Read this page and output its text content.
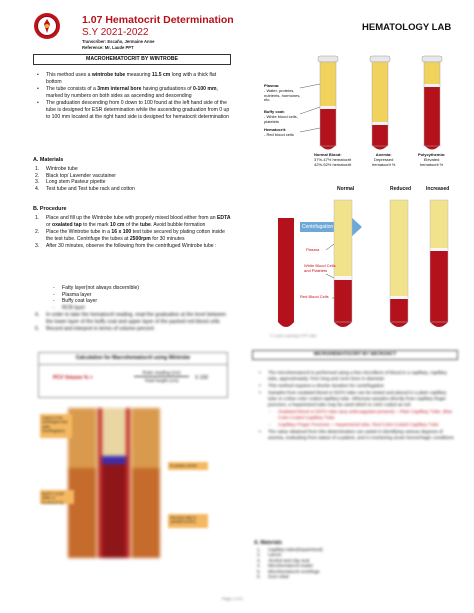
1.07 Hematocrit Determination
S.Y 2021-2022
Transcriber: Escaño, Jermaine Anne
Reference: Mr. Laude PPT
HEMATOLOGY LAB
MACROHEMATOCRIT BY WINTROBE
• This method uses a wintrobe tube measuring 11.5 cm long with a thick flat bottom
• The tube consists of a 3mm internal bore having graduations of 0-100 mm, marked by numbers on both sides as ascending and descending
• The graduation descending from 0 down to 100 found at the left hand side of the tube is designed for ESR determination while the ascending graduation from 0 up to 100 mm located at the right hand side is designed for hematocrit determination
A. Materials
1. Wintrobe tube
2. Black top/ Lavender vacutainer
3. Long stem Pasteur pipette
4. Test tube and Test tube rack and cotton
B. Procedure
1. Place and fill up the Wintrobe tube with properly mixed blood either from an EDTA or oxalated tap to the mark 10 cm of the tube. Avoid bubble formation
2. Place the Wintrobe tube in a 16 x 100 test tube secured by plating cotton inside the test tube. Centrifuge the tubes at 2500rpm for 30 minutes
3. After 30 minutes, observe the following from the centrifuged Wintrobe tube :
- Fatty layer(not always discernible)
- Plasma layer
- Buffy coat layer
- RCB layer
4. In order to take the hematocrit reading, read the graduation at the level between the lower layer of the buffy coat and upper layer of the packed red blood cells
5. Record and interpret in terms of volume percent
Calculation for Macrohematocrit using Wintrobe
PCV Volume % =
Ruler reading (cm)
Total height (cm)	X 100
Layers in the centrifuged tube (after centrifugation)
BUFFY COAT (WBC & PLATELETS)
PLASMA LAYER
PACKED RBC'S (HEMATOCRIT)
Plasma:
- Water, proteins,
nutrients, hormones,
etc.
Buffy coat:
- White blood cells,
platelets
Hematocrit:
- Red blood cells
Normal Blood:
37%-47% hematocrit
42%-52% hematocrit
Anemia:
Depressed
hematocrit %
Polycythemia:
Elevated
hematocrit %
Normal	Reduced	Increased
Centrifugation
Plasma
White Blood Cells and Platelets
Red Blood Cells
© Lumen Learning & PPT slide
MICROHEMATOCRIT BY MICROHCT
• The microhematocrit is performed using a few microliters of blood in a capillary, capillary tube, approximately 7mm long and 1mm bore in diameter
• This method requires a shorter duration for centrifugation
• Samples from oxalated blood or EDTA tube can be tested and placed in a plain capillary tube or a blue color coded capillary tube. Whereas samples directly from capillary finger puncture, a heparinized tube may be used which is color coded as red
- Oxalated blood or EDTA tube (any anticoagulant present) = Plain Capillary Tube, Blue Color-Coded Capillary Tube
- Capillary Finger Puncture = Heparinized tube, Red Color-Coded Capillary Tube
• The value obtained from this determination can assist in identifying various degrees of anemia, evaluating from status of a patient, and in monitoring acute hemorrhagic conditions
A. Materials
1. Capillary tubes(heparinized)
2. Lancet
3. Alcohol and clay seal
4. Microhematocrit reader
5. Microhematocrit centrifuge
6. Gum rebar
Page 1 of 3
